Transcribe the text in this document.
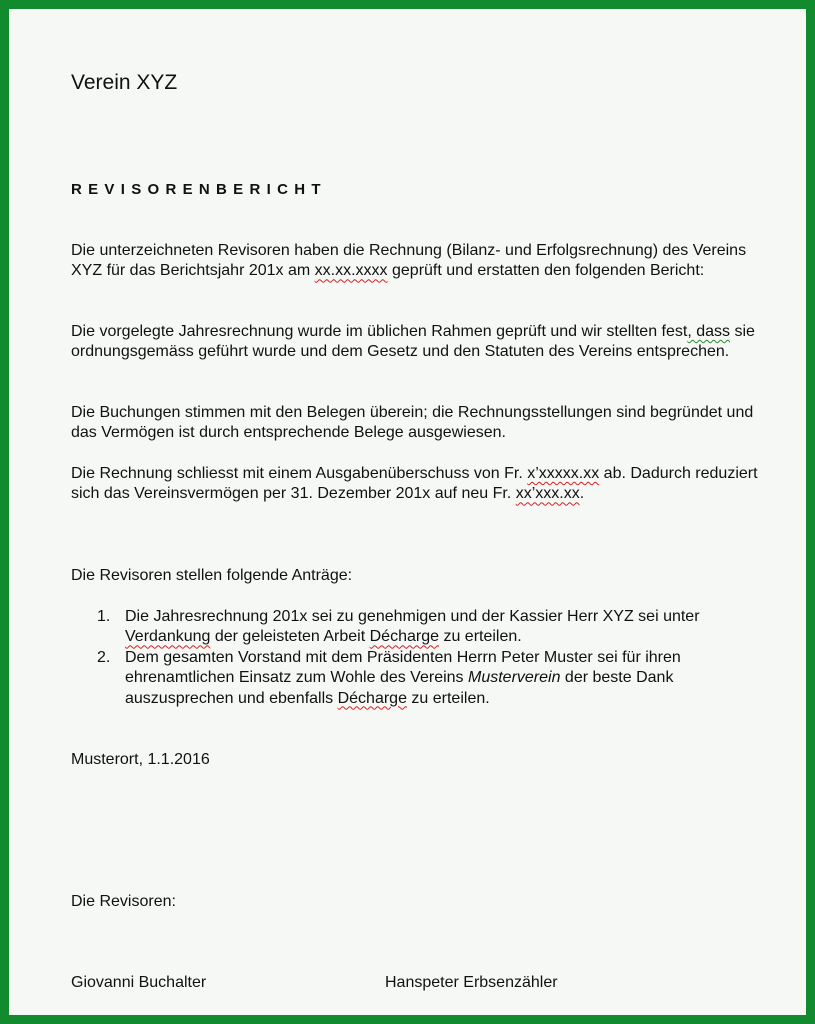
Verein XYZ
REVISORENBERICHT

Die unterzeichneten Revisoren haben die Rechnung (Bilanz- und Erfolgsrechnung) des Vereins XYZ für das Berichtsjahr 201x am xx.xx.xxxx geprüft und erstatten den folgenden Bericht:

Die vorgelegte Jahresrechnung wurde im üblichen Rahmen geprüft und wir stellten fest, dass sie ordnungsgemäss geführt wurde und dem Gesetz und den Statuten des Vereins entsprechen.

Die Buchungen stimmen mit den Belegen überein; die Rechnungsstellungen sind begründet und das Vermögen ist durch entsprechende Belege ausgewiesen.

Die Rechnung schliesst mit einem Ausgabenüberschuss von Fr. x’xxxxx.xx ab. Dadurch reduziert sich das Vereinsvermögen per 31. Dezember 201x auf neu Fr. xx’xxx.xx.

Die Revisoren stellen folgende Anträge:

1. Die Jahresrechnung 201x sei zu genehmigen und der Kassier Herr XYZ sei unter Verdankung der geleisteten Arbeit Décharge zu erteilen.
2. Dem gesamten Vorstand mit dem Präsidenten Herrn Peter Muster sei für ihren ehrenamtlichen Einsatz zum Wohle des Vereins Musterverein der beste Dank auszusprechen und ebenfalls Décharge zu erteilen.

Musterort, 1.1.2016

Die Revisoren:

Giovanni Buchalter	Hanspeter Erbsenzähler
